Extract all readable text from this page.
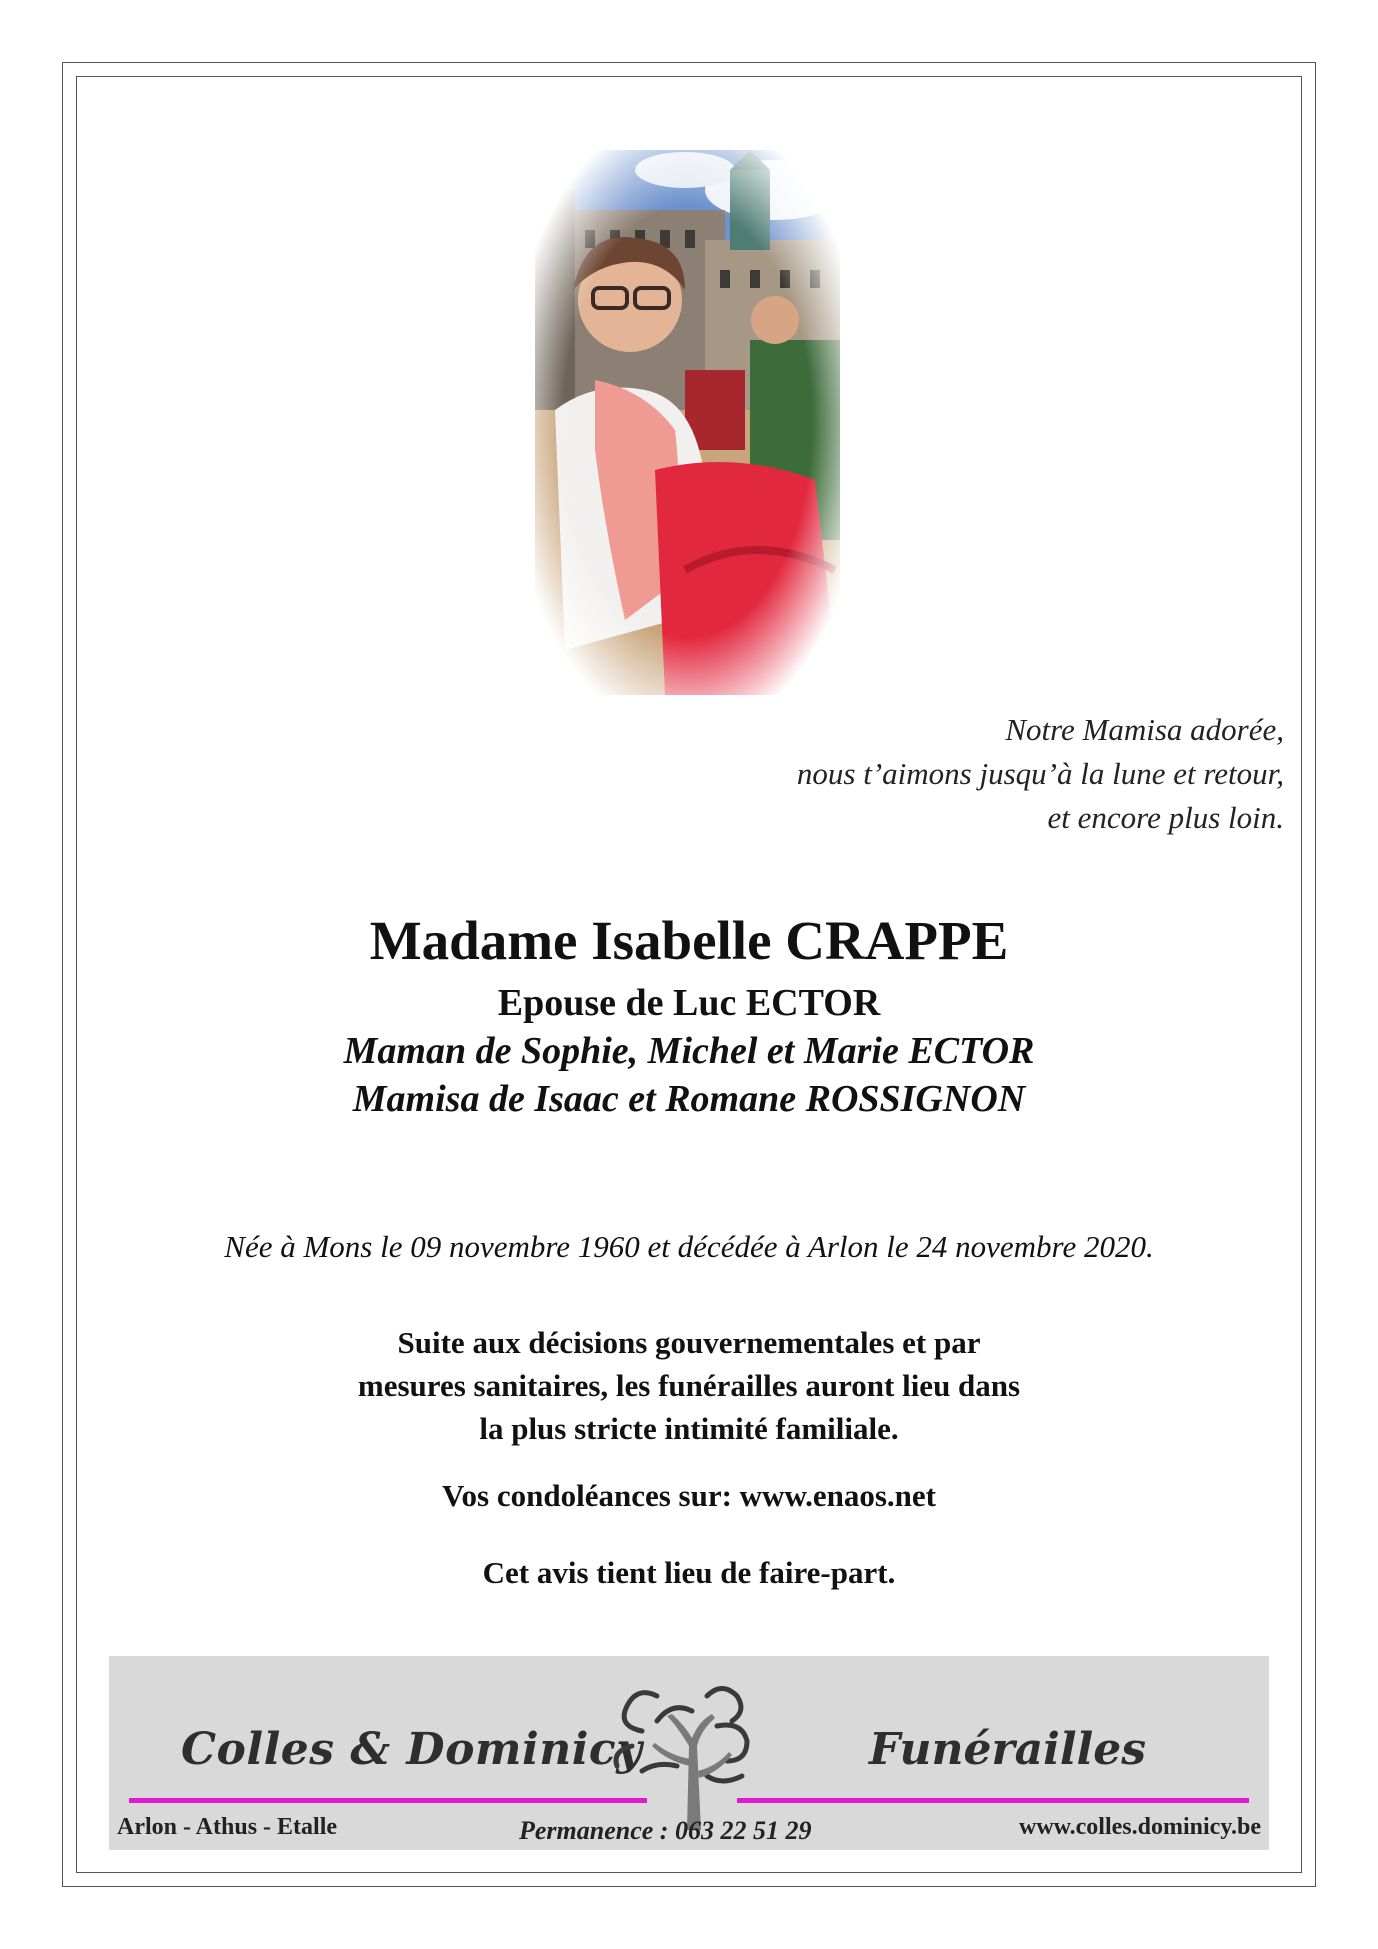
Notre Mamisa adorée,
nous t’aimons jusqu’à la lune et retour,
et encore plus loin.
Madame Isabelle CRAPPE
Epouse de Luc ECTOR
Maman de Sophie, Michel et Marie ECTOR
Mamisa de Isaac et Romane ROSSIGNON
Née à Mons le 09 novembre 1960 et décédée à Arlon le 24 novembre 2020.
Suite aux décisions gouvernementales et par
mesures sanitaires, les funérailles auront lieu dans
la plus stricte intimité familiale.
Vos condoléances sur: www.enaos.net
Cet avis tient lieu de faire-part.
Colles & Dominicy	Funérailles
Arlon - Athus - Etalle	Permanence : 063 22 51 29	www.colles.dominicy.be
